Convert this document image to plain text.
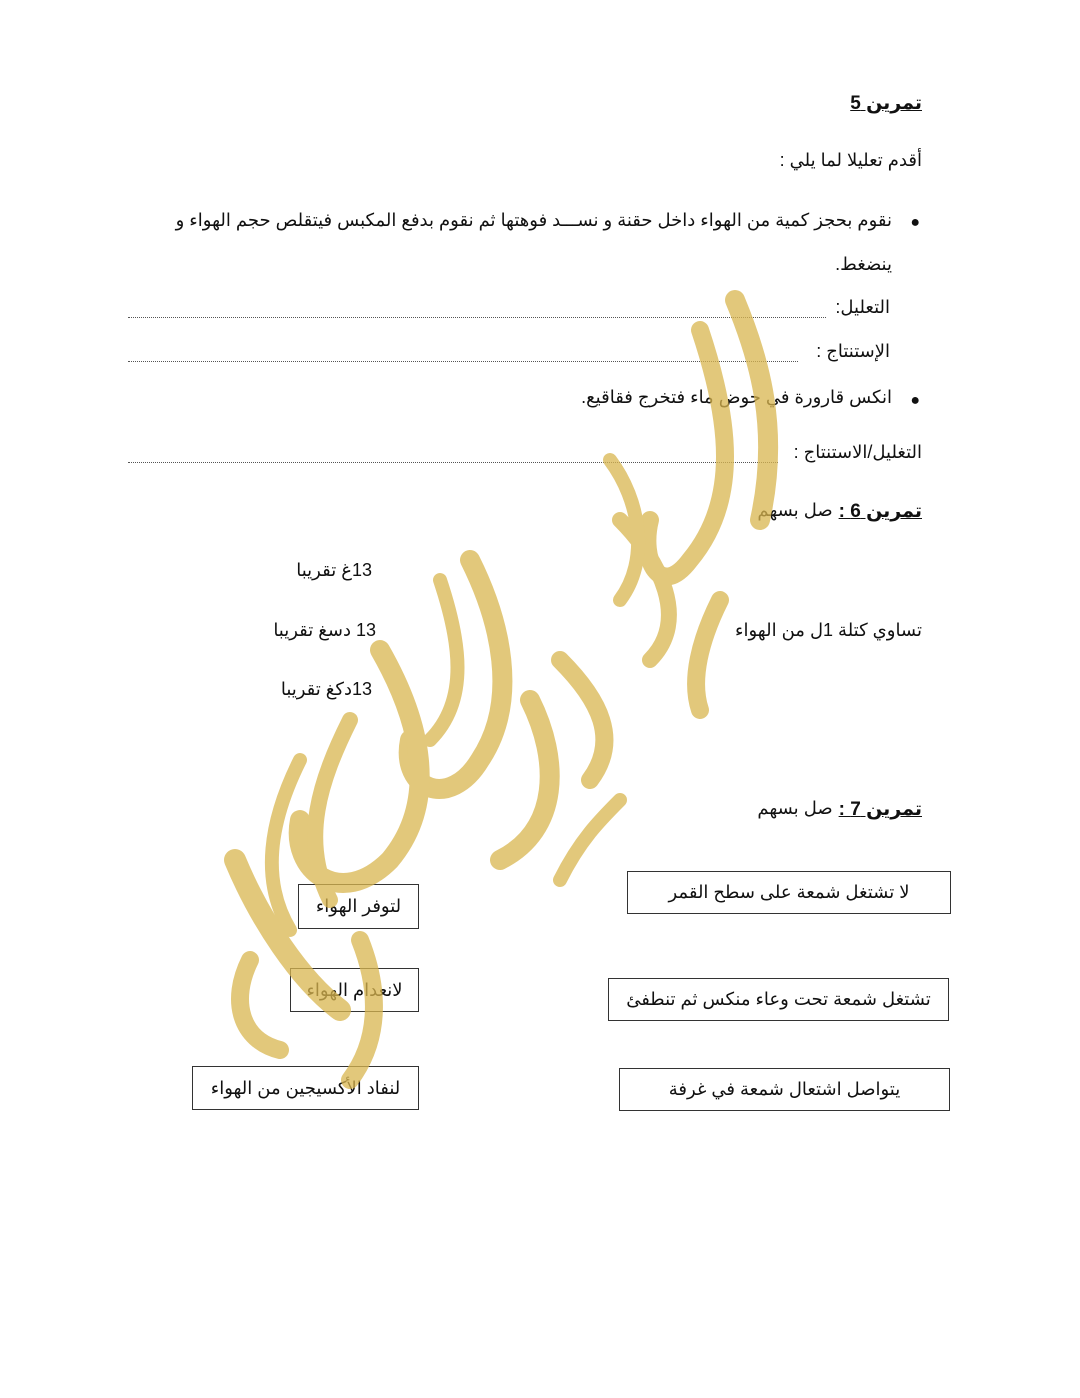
تمرين 5
أقدم تعليلا لما يلي :
●
نقوم بحجز كمية من الهواء داخل حقنة و نســـد فوهتها ثم نقوم بدفع المكبس فيتقلص حجم الهواء و
ينضغط.
التعليل:
الإستنتاج :
●
انكس قارورة في حوض ماء فتخرج فقاقيع.
التغليل/الاستنتاج :
تمرين 6 :
صل بسهم
13غ تقريبا
13 دسغ تقريبا
13دكغ تقريبا
تساوي كتلة 1ل من الهواء
تمرين 7 :
صل بسهم
لا تشتغل شمعة على سطح القمر
تشتغل شمعة تحت وعاء منكس ثم تنطفئ
يتواصل اشتعال شمعة في غرفة
لتوفر الهواء
لانعدام الهواء
لنفاد الأكسيجين من الهواء
